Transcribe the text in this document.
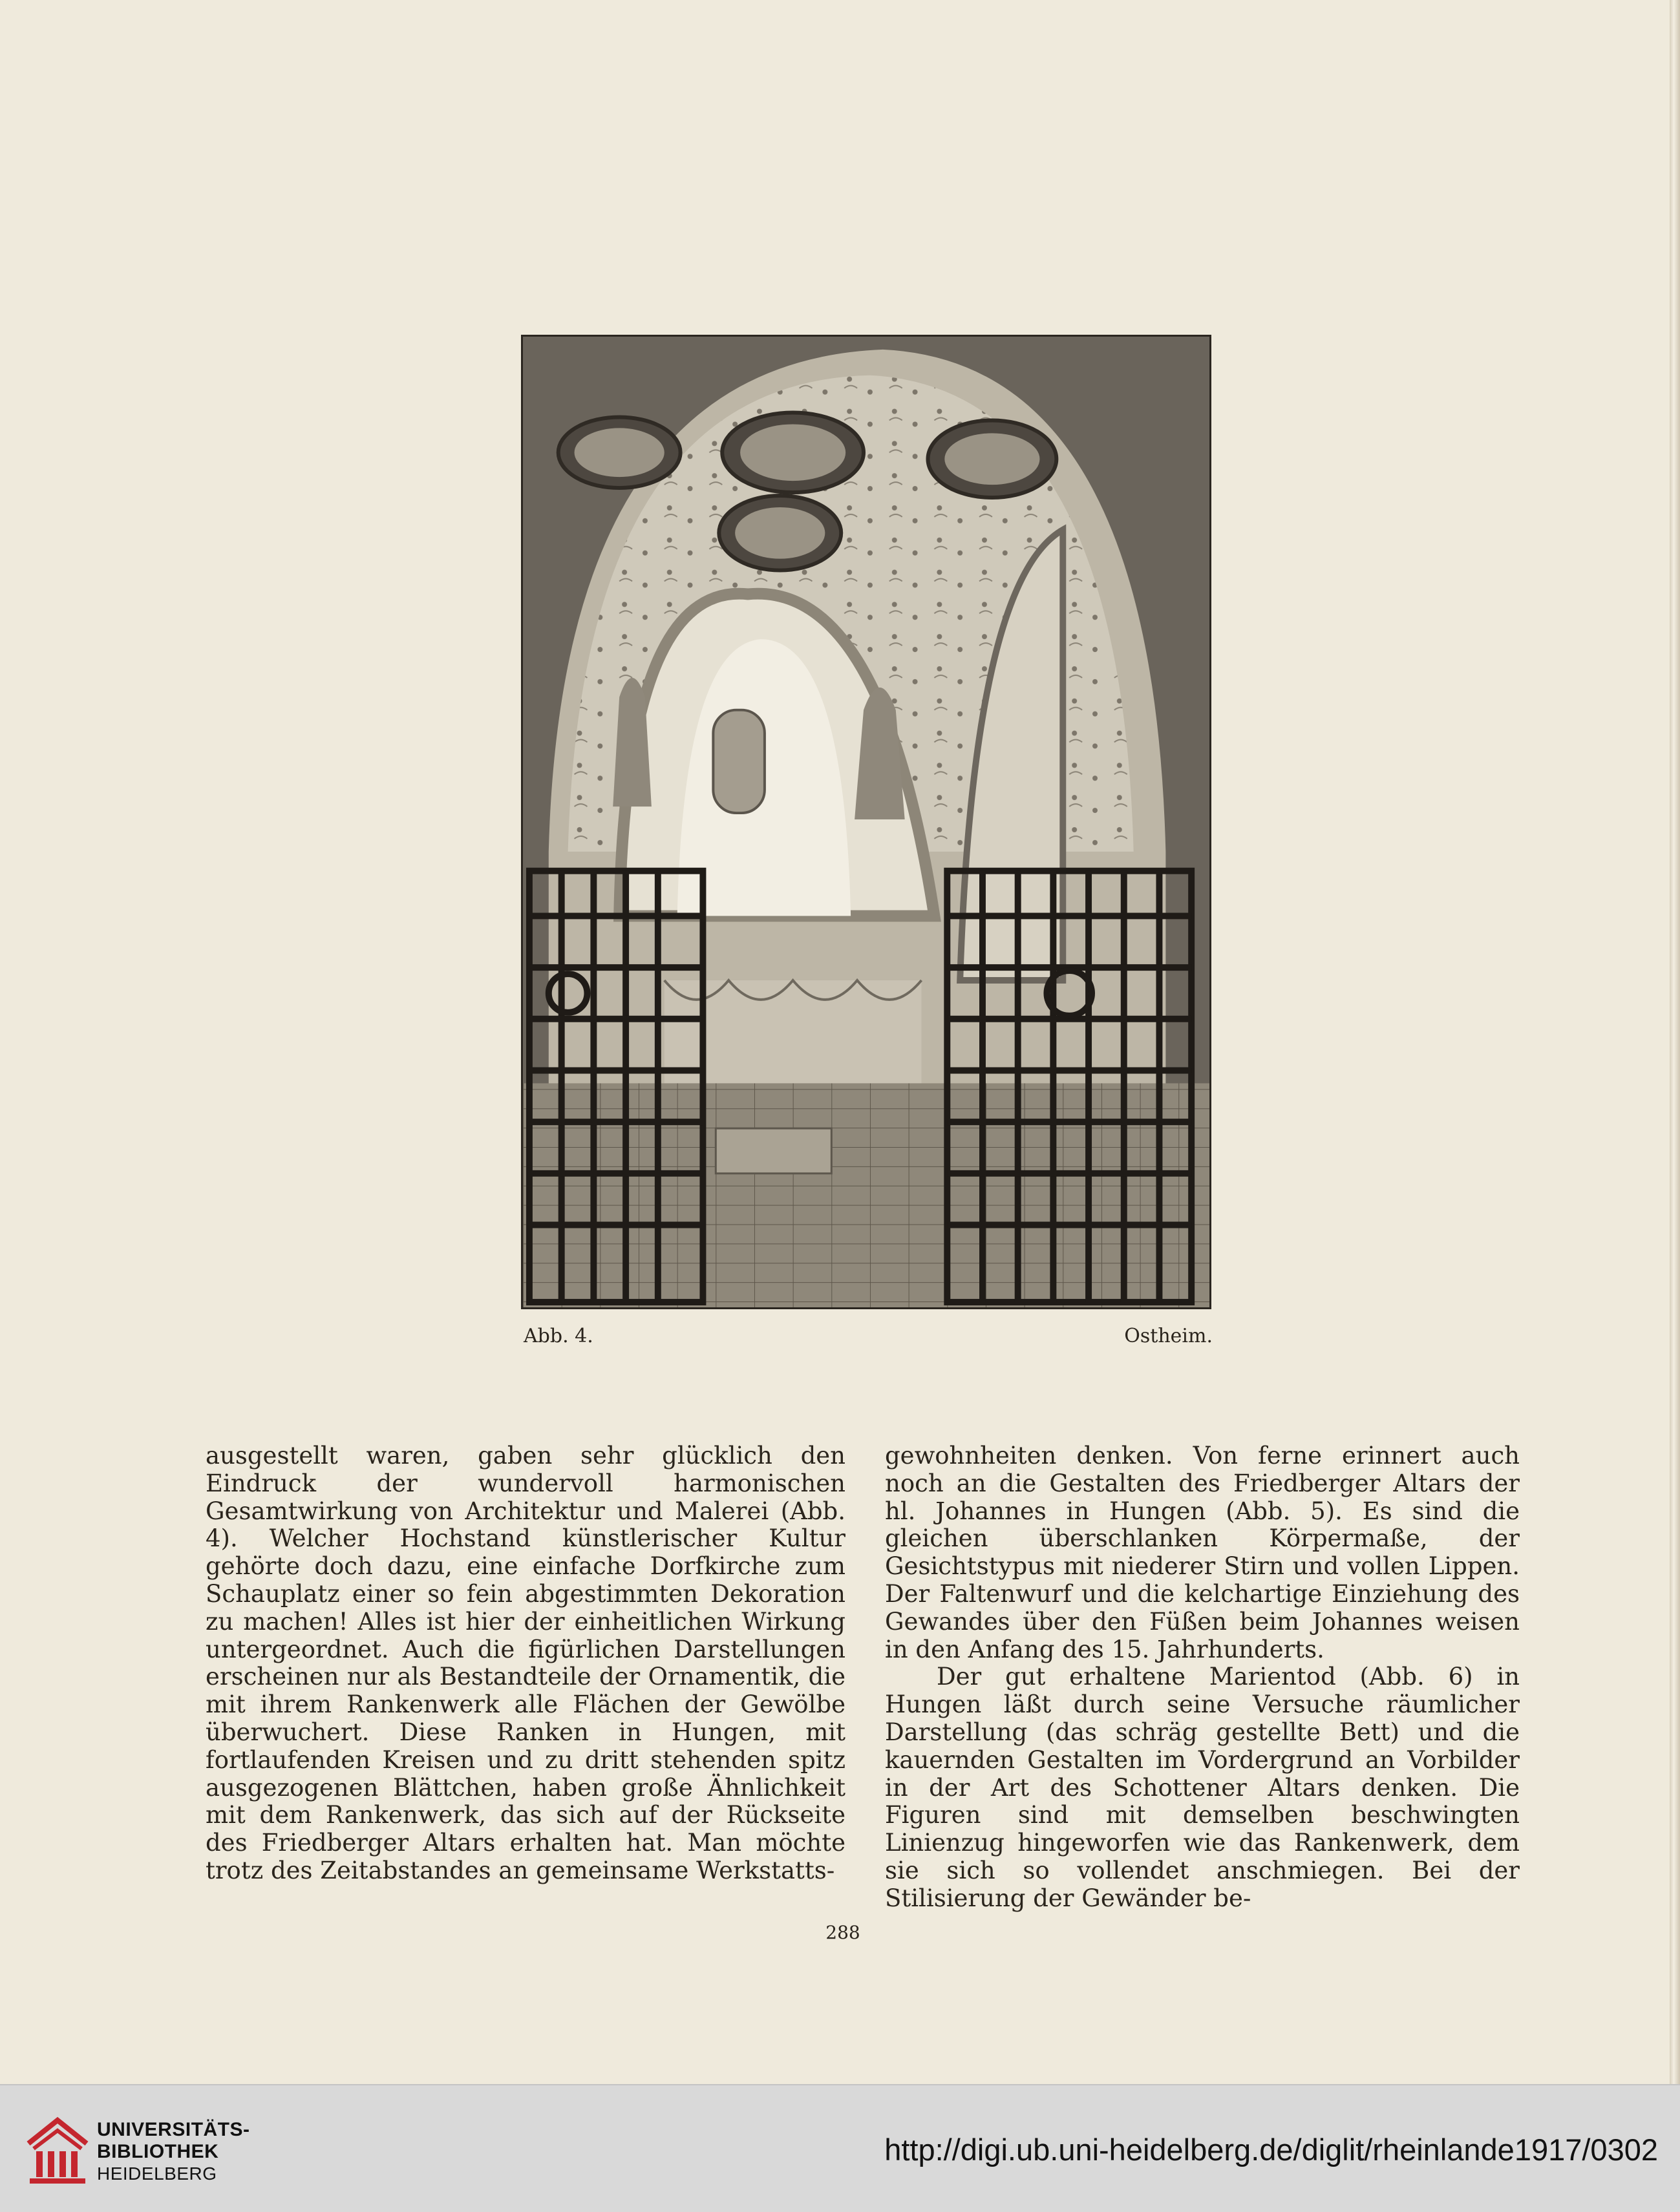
Abb. 4.	Ostheim.

ausgestellt waren, gaben sehr glücklich den Eindruck der wundervoll harmonischen Gesamtwirkung von Architektur und Malerei (Abb. 4). Welcher Hochstand künstlerischer Kultur gehörte doch dazu, eine einfache Dorfkirche zum Schauplatz einer so fein abgestimmten Dekoration zu machen! Alles ist hier der einheitlichen Wirkung untergeordnet. Auch die figürlichen Darstellungen erscheinen nur als Bestandteile der Ornamentik, die mit ihrem Rankenwerk alle Flächen der Gewölbe überwuchert. Diese Ranken in Hungen, mit fortlaufenden Kreisen und zu dritt stehenden spitz ausgezogenen Blättchen, haben große Ähnlichkeit mit dem Rankenwerk, das sich auf der Rückseite des Friedberger Altars erhalten hat. Man möchte trotz des Zeitabstandes an gemeinsame Werkstatts-

gewohnheiten denken. Von ferne erinnert auch noch an die Gestalten des Friedberger Altars der hl. Johannes in Hungen (Abb. 5). Es sind die gleichen überschlanken Körpermaße, der Gesichtstypus mit niederer Stirn und vollen Lippen. Der Faltenwurf und die kelchartige Einziehung des Gewandes über den Füßen beim Johannes weisen in den Anfang des 15. Jahrhunderts.

Der gut erhaltene Marientod (Abb. 6) in Hungen läßt durch seine Versuche räumlicher Darstellung (das schräg gestellte Bett) und die kauernden Gestalten im Vordergrund an Vorbilder in der Art des Schottener Altars denken. Die Figuren sind mit demselben beschwingten Linienzug hingeworfen wie das Rankenwerk, dem sie sich so vollendet anschmiegen. Bei der Stilisierung der Gewänder be-

288
UNIVERSITÄTS-
BIBLIOTHEK
HEIDELBERG
http://digi.ub.uni-heidelberg.de/diglit/rheinlande1917/0302
